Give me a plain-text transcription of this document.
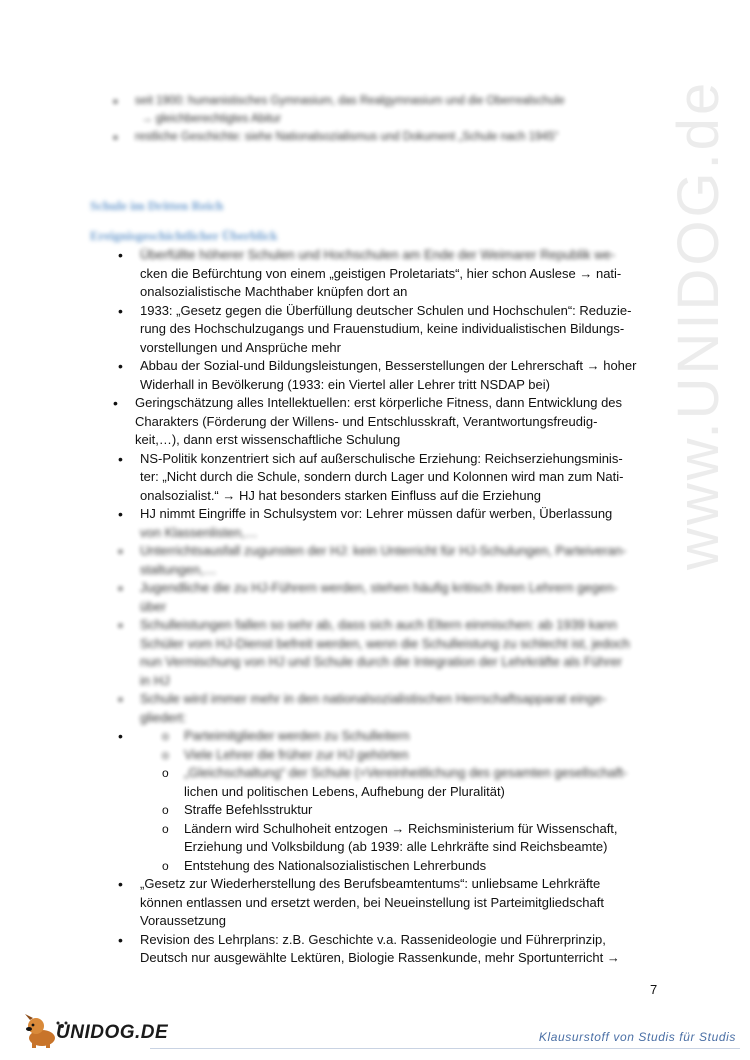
www.UNIDOG.de
• seit 1900: humanistisches Gymnasium, das Realgymnasium und die Oberrealschule
→ gleichberechtigtes Abitur
• restliche Geschichte: siehe Nationalsozialismus und Dokument „Schule nach 1945“
Schule im Dritten Reich
Ereignisgeschichtlicher Überblick
• Überfüllte höherer Schulen und Hochschulen am Ende der Weimarer Republik we-
cken die Befürchtung von einem „geistigen Proletariats“, hier schon Auslese → nati-
onalsozialistische Machthaber knüpfen dort an
• 1933: „Gesetz gegen die Überfüllung deutscher Schulen und Hochschulen“: Reduzie-
rung des Hochschulzugangs und Frauenstudium, keine individualistischen Bildungs-
vorstellungen und Ansprüche mehr
• Abbau der Sozial-und Bildungsleistungen, Besserstellungen der Lehrerschaft → hoher
Widerhall in Bevölkerung (1933: ein Viertel aller Lehrer tritt NSDAP bei)
• Geringschätzung alles Intellektuellen: erst körperliche Fitness, dann Entwicklung des
Charakters (Förderung der Willens- und Entschlusskraft, Verantwortungsfreudig-
keit,…), dann erst wissenschaftliche Schulung
• NS-Politik konzentriert sich auf außerschulische Erziehung: Reichserziehungsminis-
ter: „Nicht durch die Schule, sondern durch Lager und Kolonnen wird man zum Nati-
onalsozialist.“ → HJ hat besonders starken Einfluss auf die Erziehung
• HJ nimmt Eingriffe in Schulsystem vor: Lehrer müssen dafür werben, Überlassung
von Klassenlisten,…
• Unterrichtsausfall zugunsten der HJ: kein Unterricht für HJ-Schulungen, Parteiveran-
staltungen,…
• Jugendliche die zu HJ-Führern werden, stehen häufig kritisch ihren Lehrern gegen-
über
• Schulleistungen fallen so sehr ab, dass sich auch Eltern einmischen: ab 1939 kann
Schüler vom HJ-Dienst befreit werden, wenn die Schulleistung zu schlecht ist, jedoch
nun Vermischung von HJ und Schule durch die Integration der Lehrkräfte als Führer
in HJ
• Schule wird immer mehr in den nationalsozialistischen Herrschaftsapparat einge-
gliedert:
o • Parteimitglieder werden zu Schulleitern
o Viele Lehrer die früher zur HJ gehörten
o „Gleichschaltung“ der Schule (=Vereinheitlichung des gesamten gesellschaft-
lichen und politischen Lebens, Aufhebung der Pluralität)
o Straffe Befehlsstruktur
o Ländern wird Schulhoheit entzogen → Reichsministerium für Wissenschaft,
Erziehung und Volksbildung (ab 1939: alle Lehrkräfte sind Reichsbeamte)
o Entstehung des Nationalsozialistischen Lehrerbunds
• „Gesetz zur Wiederherstellung des Berufsbeamtentums“: unliebsame Lehrkräfte
können entlassen und ersetzt werden, bei Neueinstellung ist Parteimitgliedschaft
Voraussetzung
• Revision des Lehrplans: z.B. Geschichte v.a. Rassenideologie und Führerprinzip,
Deutsch nur ausgewählte Lektüren, Biologie Rassenkunde, mehr Sportunterricht →
7
UNIDOG.DE	Klausurstoff von Studis für Studis
